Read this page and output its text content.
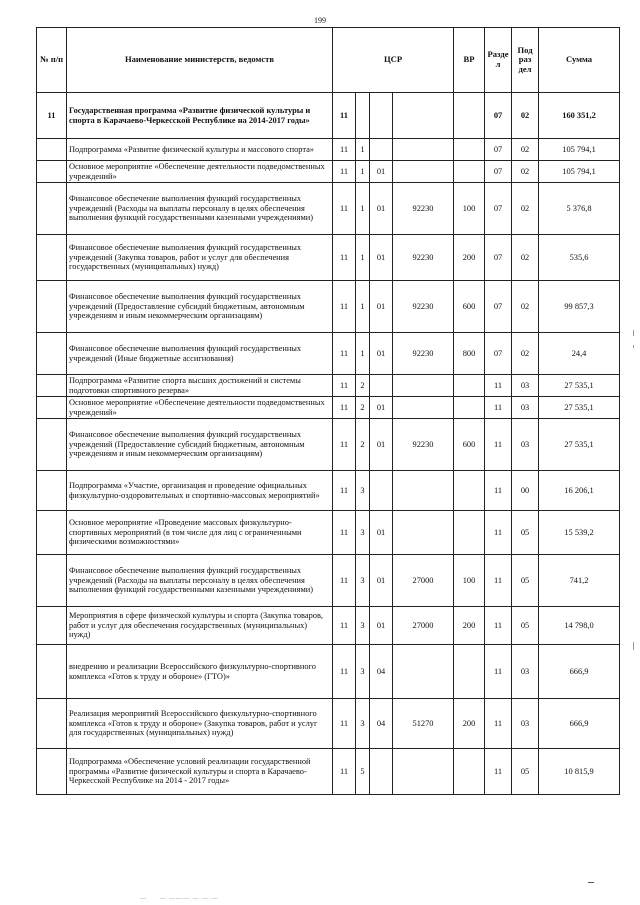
199
№ п/п	Наименование министерств, ведомств	ЦСР				ВР	Разде л	Под раз дел	Сумма
11	Государственная программа «Развитие физической культуры и спорта в Карачаево-Черкесской Республике на 2014-2017 годы»	11					07	02	160 351,2
	Подпрограмма «Развитие физической культуры и массового спорта»	11	1				07	02	105 794,1
	Основное мероприятие «Обеспечение деятельности подведомственных учреждений»	11	1	01			07	02	105 794,1
	Финансовое обеспечение выполнения функций государственных учреждений (Расходы на выплаты персоналу в целях обеспечения выполнения функций государственными казенными учреждениями)	11	1	01	92230	100	07	02	5 376,8
	Финансовое обеспечение выполнения функций государственных учреждений (Закупка товаров, работ и услуг для обеспечения государственных (муниципальных) нужд)	11	1	01	92230	200	07	02	535,6
	Финансовое обеспечение выполнения функций государственных учреждений (Предоставление субсидий бюджетным, автономным учреждениям и иным некоммерческим организациям)	11	1	01	92230	600	07	02	99 857,3
	Финансовое обеспечение выполнения функций государственных учреждений (Иные бюджетные ассигнования)	11	1	01	92230	800	07	02	24,4
	Подпрограмма «Развитие спорта высших достижений и системы подготовки спортивного резерва»	11	2				11	03	27 535,1
	Основное мероприятие «Обеспечение деятельности подведомственных учреждений»	11	2	01			11	03	27 535,1
	Финансовое обеспечение выполнения функций государственных учреждений (Предоставление субсидий бюджетным, автономным учреждениям и иным некоммерческим организациям)	11	2	01	92230	600	11	03	27 535,1
	Подпрограмма «Участие, организация и проведение официальных физкультурно-оздоровительных и спортивно-массовых мероприятий»	11	3				11	00	16 206,1
	Основное мероприятие «Проведение массовых физкультурно-спортивных мероприятий (в том числе для лиц с ограниченными физическими возможностями»	11	3	01			11	05	15 539,2
	Финансовое обеспечение выполнения функций государственных учреждений (Расходы на выплаты персоналу в целях обеспечения выполнения функций государственными казенными учреждениями)	11	3	01	27000	100	11	05	741,2
	Мероприятия в сфере физической культуры и спорта (Закупка товаров, работ и услуг для обеспечения государственных (муниципальных) нужд)	11	3	01	27000	200	11	05	14 798,0
	внедрению и реализации Всероссийского физкультурно-спортивного комплекса «Готов к труду и обороне» (ГТО)»	11	3	04			11	03	666,9
	Реализация мероприятий Всероссийского физкультурно-спортивного комплекса «Готов к труду и обороне» (Закупка товаров, работ и услуг для государственных (муниципальных) нужд)	11	3	04	51270	200	11	03	666,9
	Подпрограмма «Обеспечение условий реализации государственной программы «Развитие физической культуры и спорта в Карачаево-Черкесской Республике на 2014 - 2017 годы»	11	5				11	05	10 815,9
—     — ——— — — —
